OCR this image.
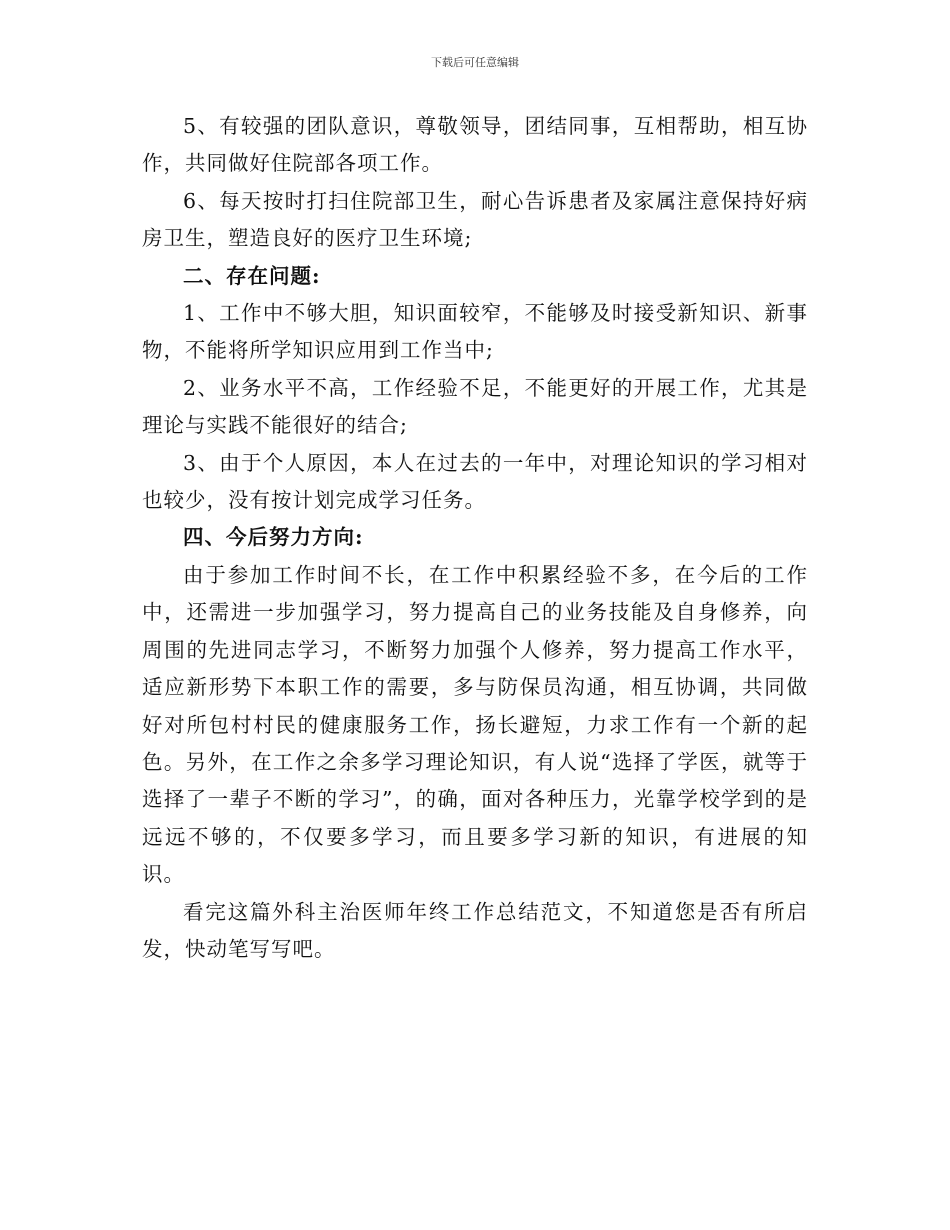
下载后可任意编辑

5、有较强的团队意识，尊敬领导，团结同事，互相帮助，相互协作，共同做好住院部各项工作。

6、每天按时打扫住院部卫生，耐心告诉患者及家属注意保持好病房卫生，塑造良好的医疗卫生环境;

二、存在问题:

1、工作中不够大胆，知识面较窄，不能够及时接受新知识、新事物，不能将所学知识应用到工作当中;

2、业务水平不高，工作经验不足，不能更好的开展工作，尤其是理论与实践不能很好的结合;

3、由于个人原因，本人在过去的一年中，对理论知识的学习相对也较少，没有按计划完成学习任务。

四、今后努力方向:

由于参加工作时间不长，在工作中积累经验不多，在今后的工作中，还需进一步加强学习，努力提高自己的业务技能及自身修养，向周围的先进同志学习，不断努力加强个人修养，努力提高工作水平，适应新形势下本职工作的需要，多与防保员沟通，相互协调，共同做好对所包村村民的健康服务工作，扬长避短，力求工作有一个新的起色。另外，在工作之余多学习理论知识，有人说“选择了学医，就等于选择了一辈子不断的学习”，的确，面对各种压力，光靠学校学到的是远远不够的，不仅要多学习，而且要多学习新的知识，有进展的知识。

看完这篇外科主治医师年终工作总结范文，不知道您是否有所启发，快动笔写写吧。
